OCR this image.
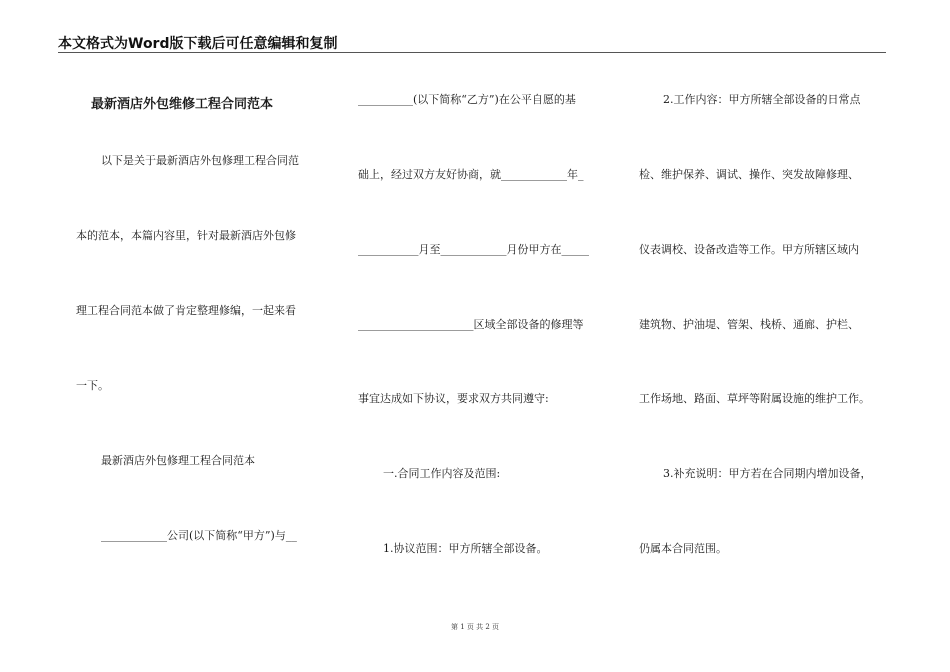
本文格式为Word版下载后可任意编辑和复制
最新酒店外包维修工程合同范本
以下是关于最新酒店外包修理工程合同范
本的范本，本篇内容里，针对最新酒店外包修
理工程合同范本做了肯定整理修编，一起来看
一下。
最新酒店外包修理工程合同范本
____________公司(以下简称“甲方”)与__
__________(以下简称“乙方”)在公平自愿的基
础上，经过双方友好协商，就____________年_
___________月至____________月份甲方在_____
_____________________区域全部设备的修理等
事宜达成如下协议，要求双方共同遵守:
一.合同工作内容及范围:
1.协议范围：甲方所辖全部设备。
2.工作内容：甲方所辖全部设备的日常点
检、维护保养、调试、操作、突发故障修理、
仪表调校、设备改造等工作。甲方所辖区域内
建筑物、护油堤、管架、栈桥、通廊、护栏、
工作场地、路面、草坪等附属设施的维护工作。
3.补充说明：甲方若在合同期内增加设备，
仍属本合同范围。
第 1 页 共 2 页
